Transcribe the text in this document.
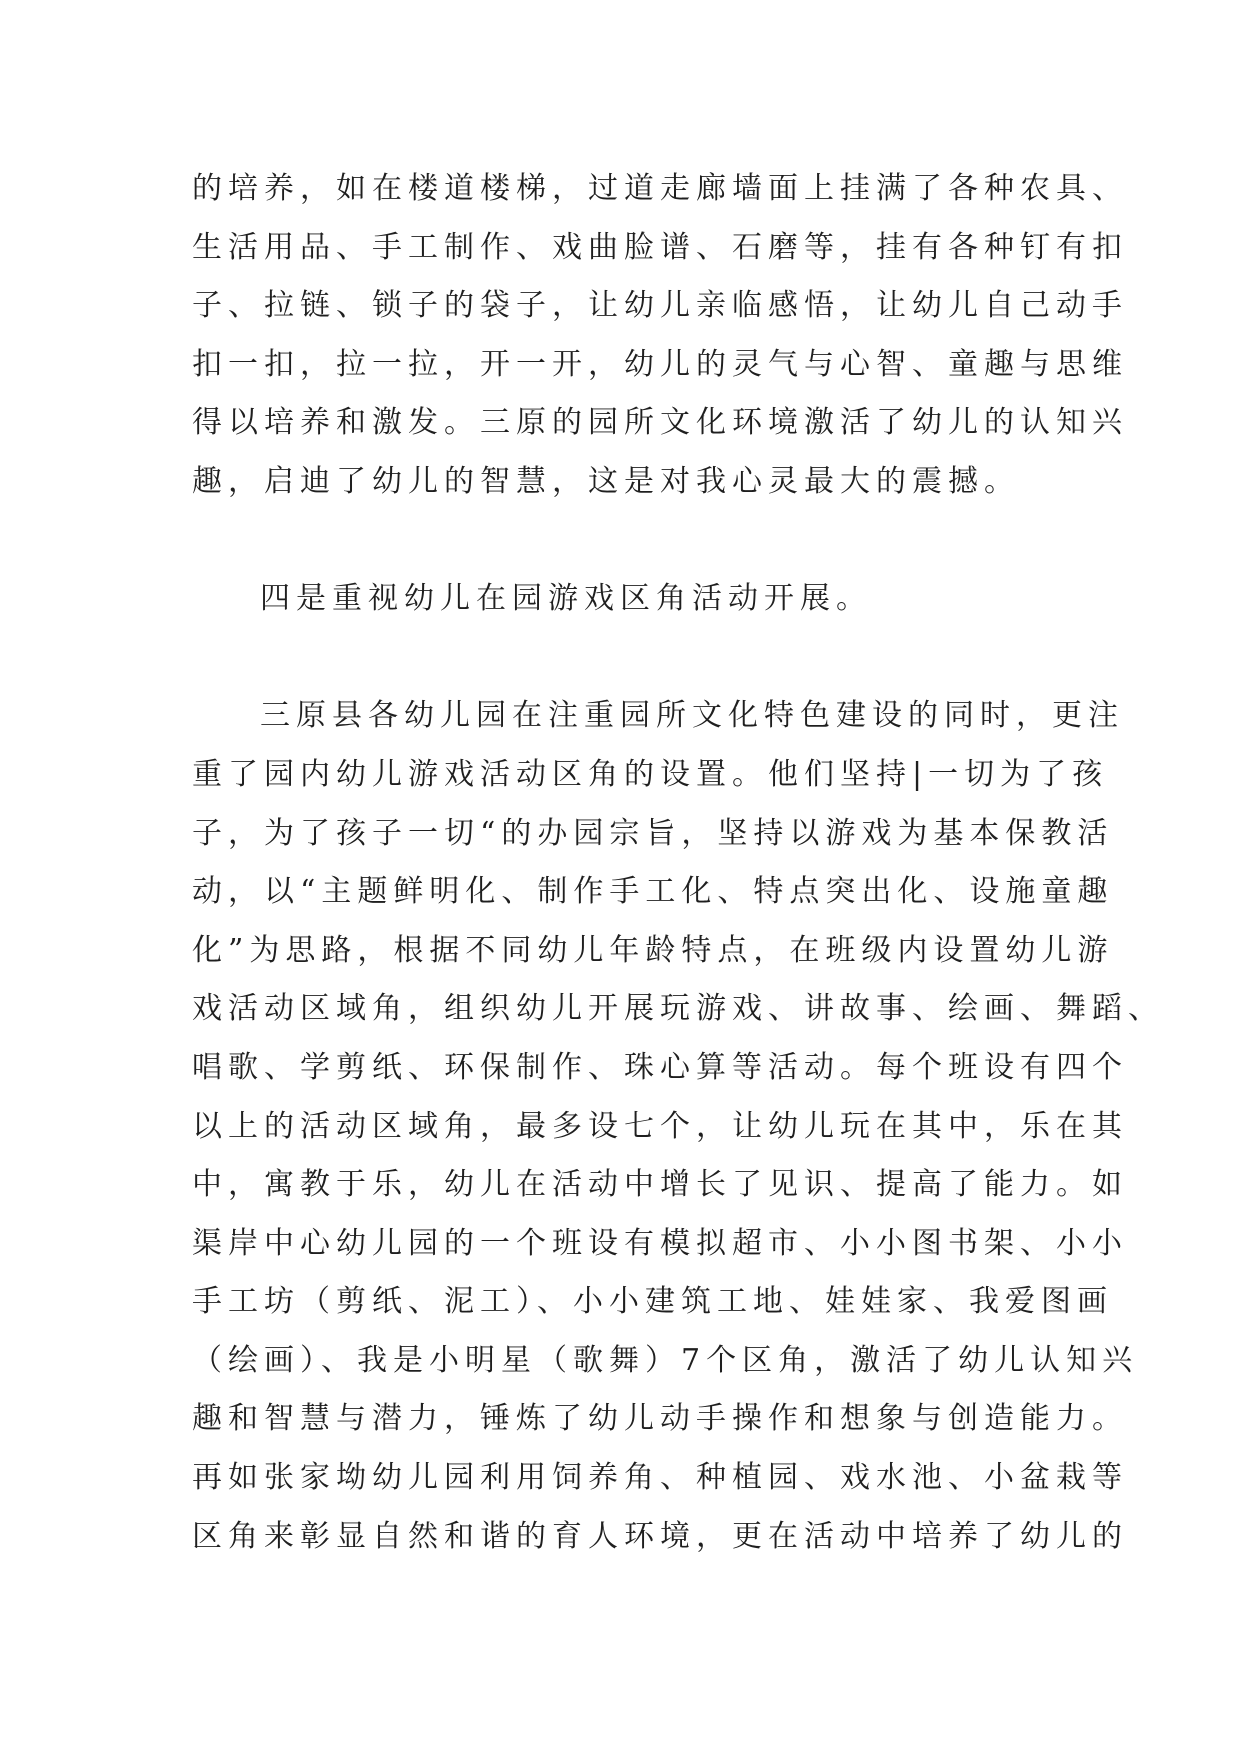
的培养，如在楼道楼梯，过道走廊墙面上挂满了各种农具、
生活用品、手工制作、戏曲脸谱、石磨等，挂有各种钉有扣
子、拉链、锁子的袋子，让幼儿亲临感悟，让幼儿自己动手
扣一扣，拉一拉，开一开，幼儿的灵气与心智、童趣与思维
得以培养和激发。三原的园所文化环境激活了幼儿的认知兴
趣，启迪了幼儿的智慧，这是对我心灵最大的震撼。
四是重视幼儿在园游戏区角活动开展。
三原县各幼儿园在注重园所文化特色建设的同时，更注
重了园内幼儿游戏活动区角的设置。他们坚持|一切为了孩
子，为了孩子一切“的办园宗旨，坚持以游戏为基本保教活
动，以“主题鲜明化、制作手工化、特点突出化、设施童趣
化”为思路，根据不同幼儿年龄特点，在班级内设置幼儿游
戏活动区域角，组织幼儿开展玩游戏、讲故事、绘画、舞蹈、
唱歌、学剪纸、环保制作、珠心算等活动。每个班设有四个
以上的活动区域角，最多设七个，让幼儿玩在其中，乐在其
中，寓教于乐，幼儿在活动中增长了见识、提高了能力。如
渠岸中心幼儿园的一个班设有模拟超市、小小图书架、小小
手工坊（剪纸、泥工）、小小建筑工地、娃娃家、我爱图画
（绘画）、我是小明星（歌舞）7个区角，激活了幼儿认知兴
趣和智慧与潜力，锤炼了幼儿动手操作和想象与创造能力。
再如张家坳幼儿园利用饲养角、种植园、戏水池、小盆栽等
区角来彰显自然和谐的育人环境，更在活动中培养了幼儿的
